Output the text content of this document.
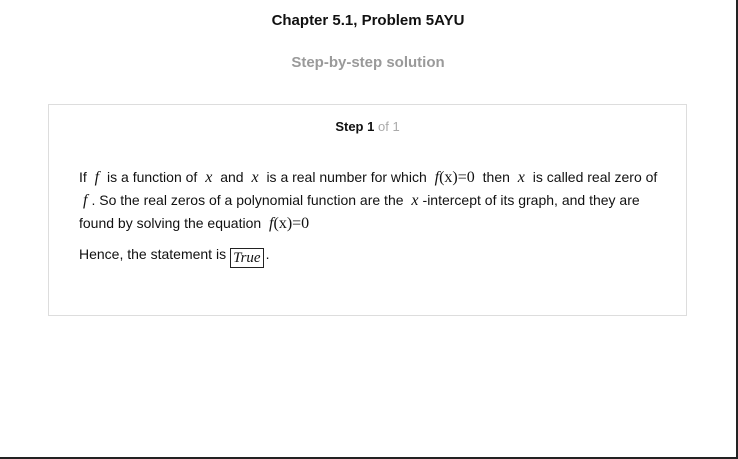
Chapter 5.1, Problem 5AYU
Step-by-step solution
Step 1 of 1

If f is a function of x and x is a real number for which f(x)=0 then x is called real zero of f . So the real zeros of a polynomial function are the x -intercept of its graph, and they are found by solving the equation f(x)=0

Hence, the statement is True .
